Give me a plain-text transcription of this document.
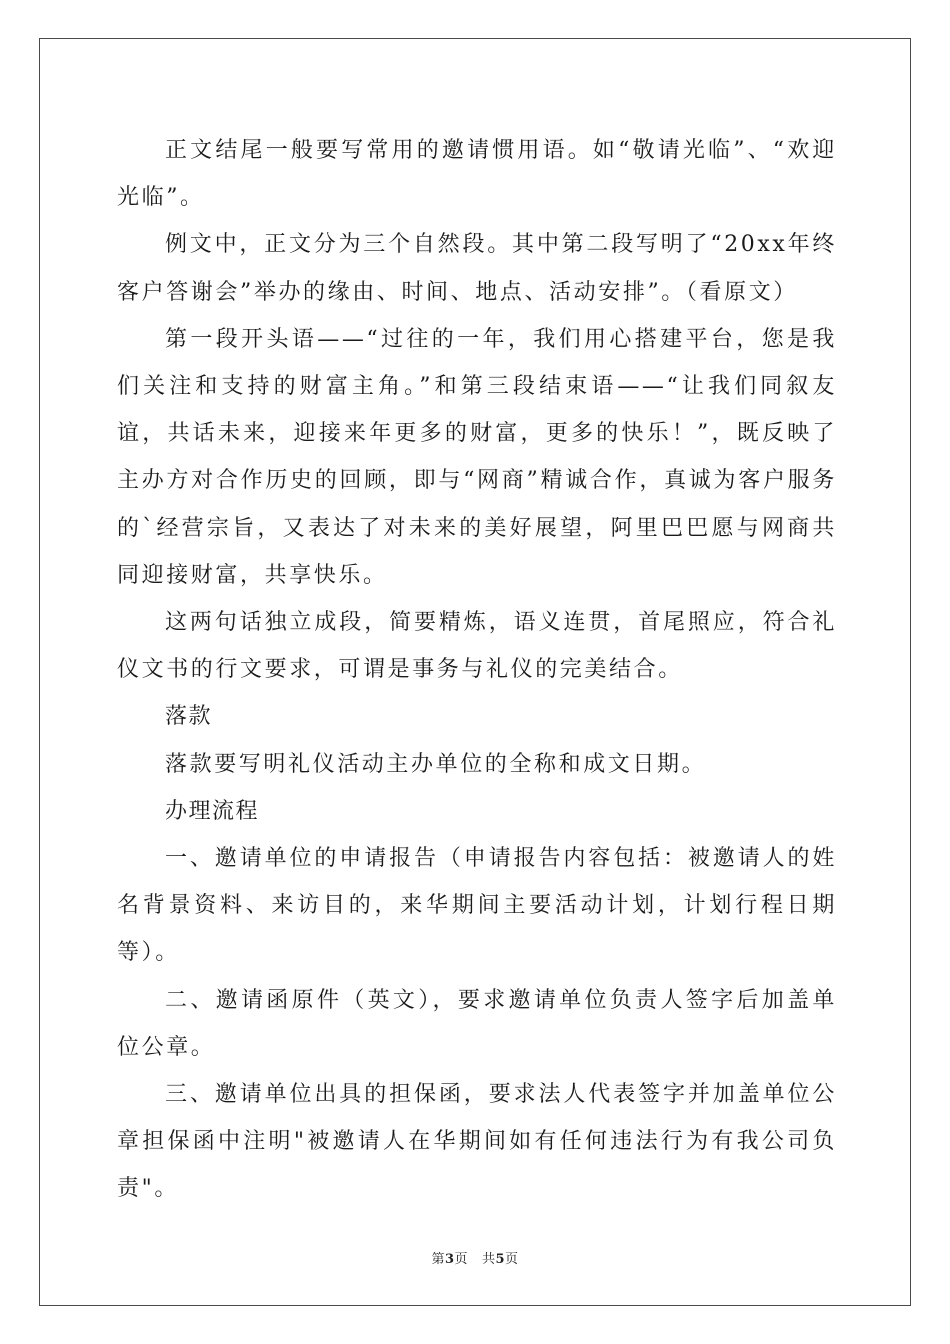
正文结尾一般要写常用的邀请惯用语。如“敬请光临”、“欢迎光临”。

例文中，正文分为三个自然段。其中第二段写明了“20xx年终客户答谢会”举办的缘由、时间、地点、活动安排”。（看原文）

第一段开头语——“过往的一年，我们用心搭建平台，您是我们关注和支持的财富主角。”和第三段结束语——“让我们同叙友谊，共话未来，迎接来年更多的财富，更多的快乐！”，既反映了主办方对合作历史的回顾，即与“网商”精诚合作，真诚为客户服务的`经营宗旨，又表达了对未来的美好展望，阿里巴巴愿与网商共同迎接财富，共享快乐。

这两句话独立成段，简要精炼，语义连贯，首尾照应，符合礼仪文书的行文要求，可谓是事务与礼仪的完美结合。

落款

落款要写明礼仪活动主办单位的全称和成文日期。

办理流程

一、邀请单位的申请报告（申请报告内容包括：被邀请人的姓名背景资料、来访目的，来华期间主要活动计划，计划行程日期等）。

二、邀请函原件（英文），要求邀请单位负责人签字后加盖单位公章。

三、邀请单位出具的担保函，要求法人代表签字并加盖单位公章担保函中注明"被邀请人在华期间如有任何违法行为有我公司负责"。

第3页 共5页
